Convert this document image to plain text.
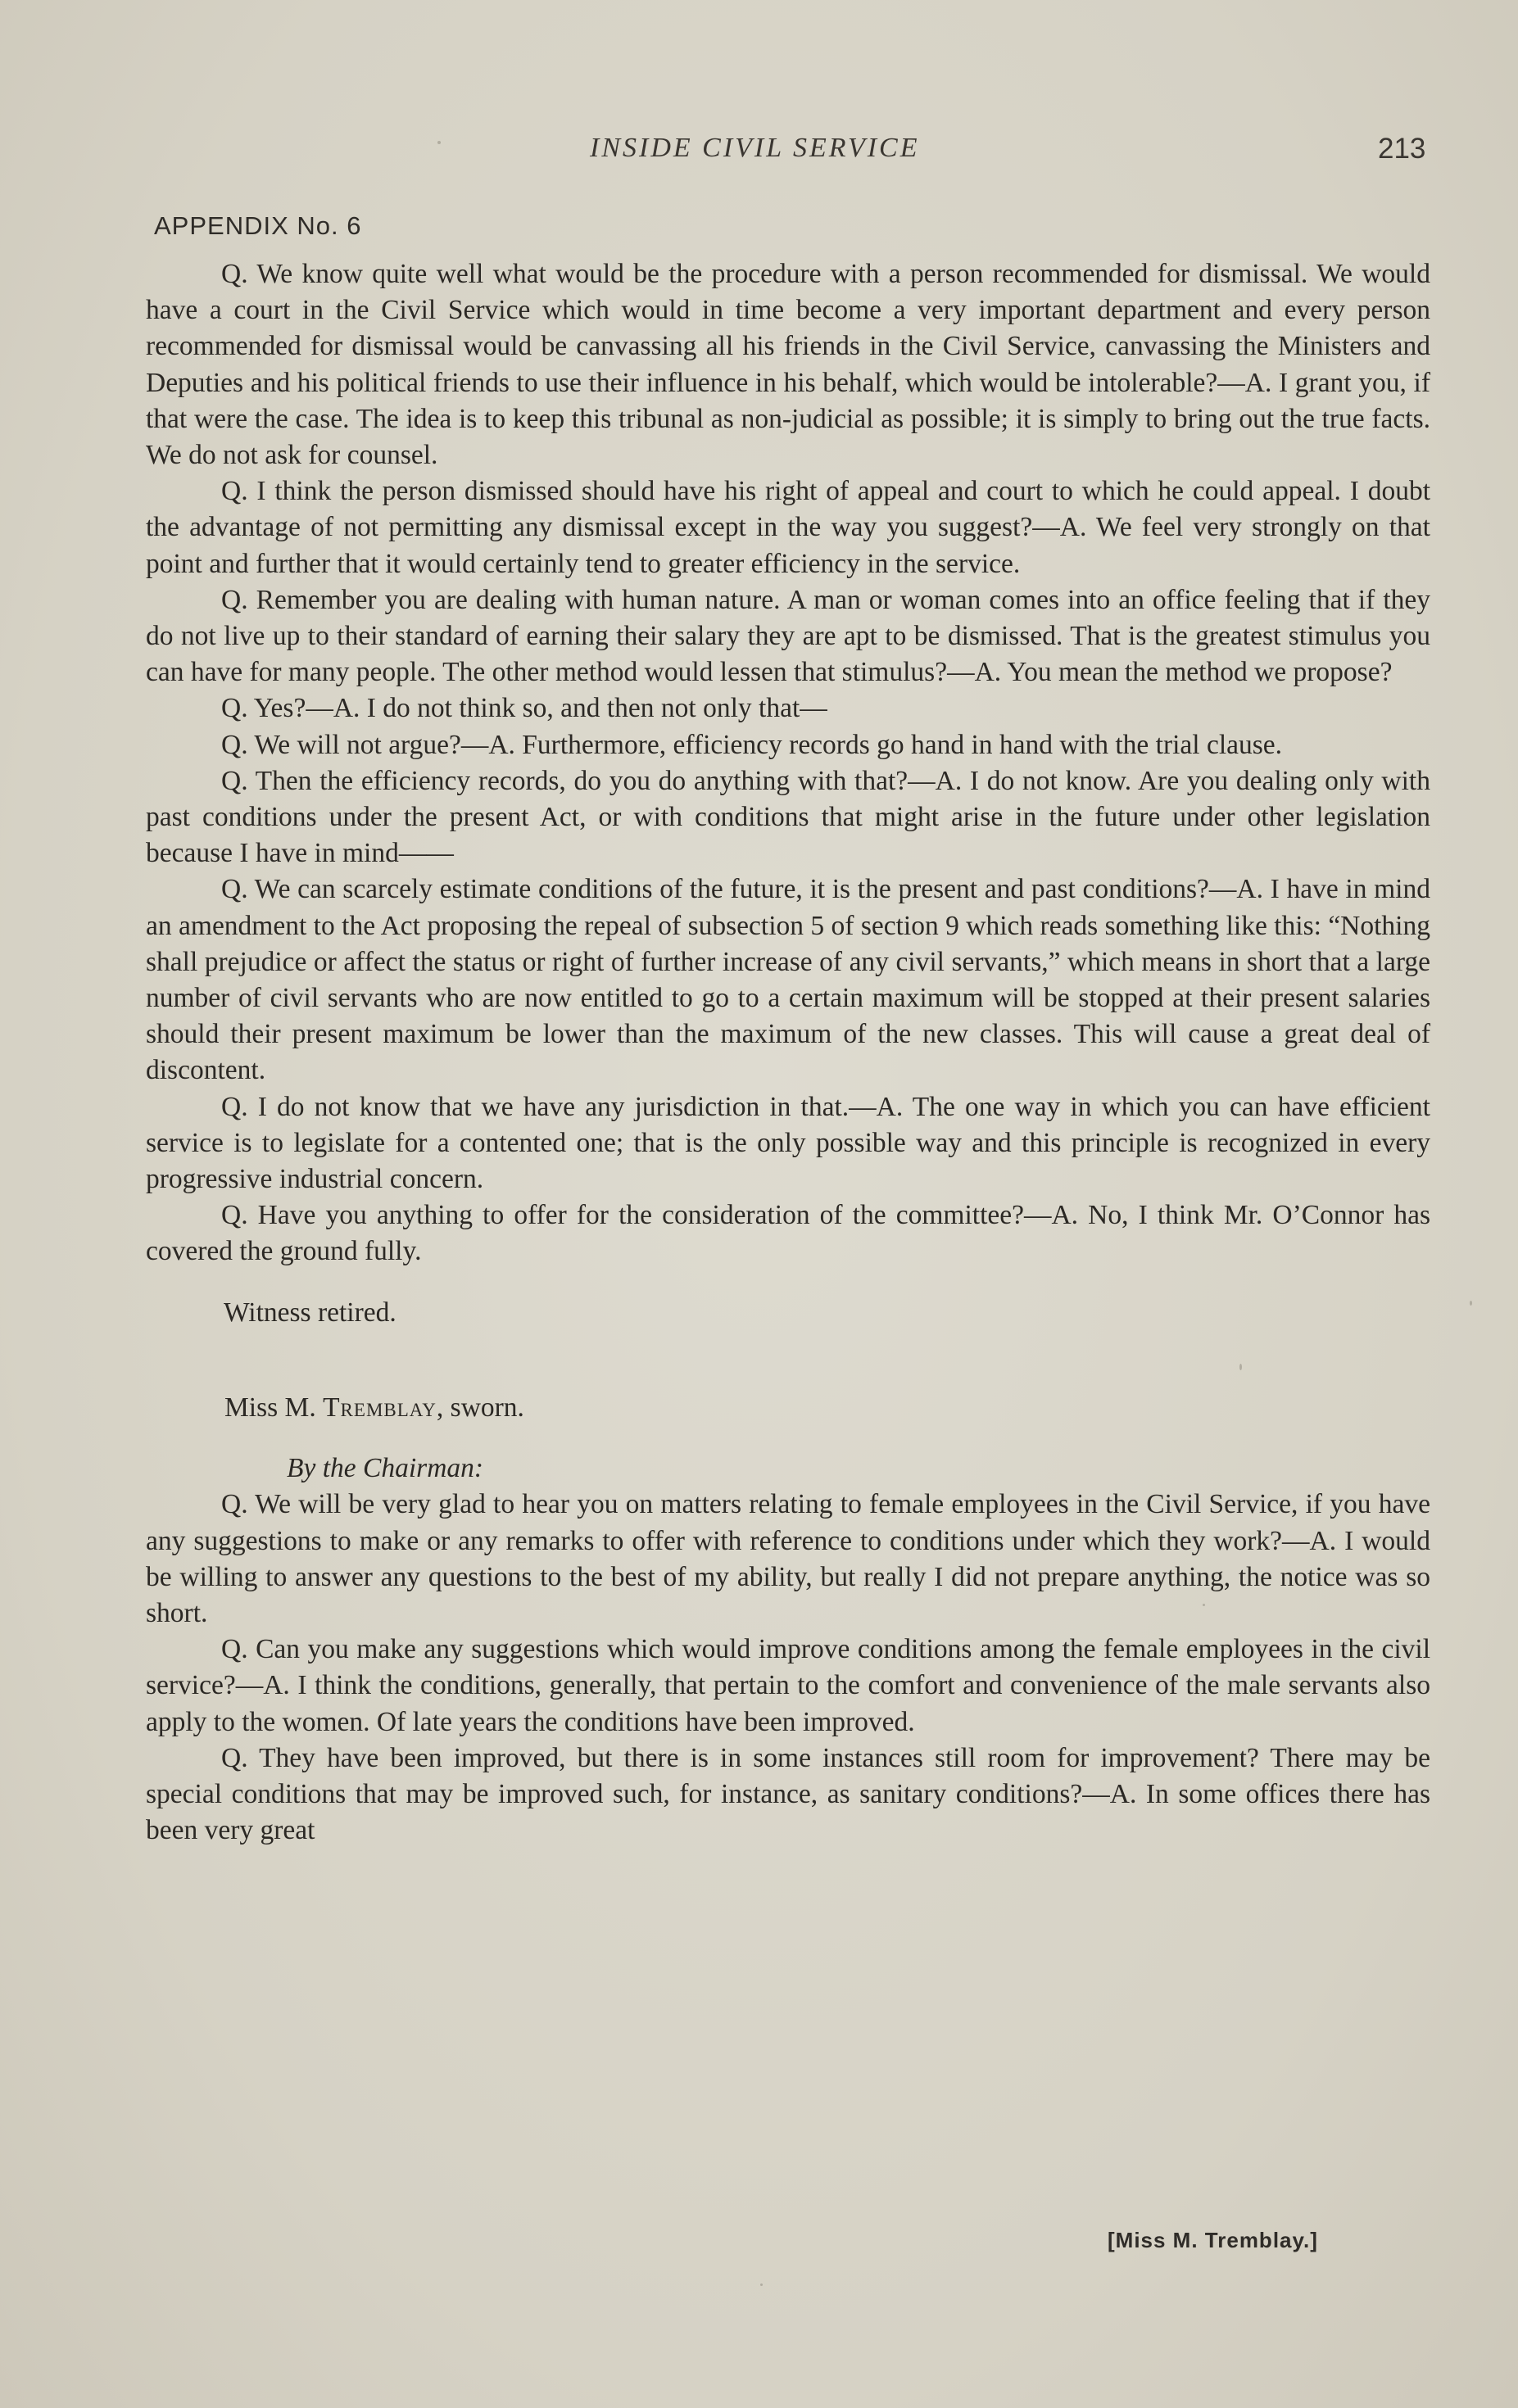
INSIDE CIVIL SERVICE	213
APPENDIX No. 6

Q. We know quite well what would be the procedure with a person recommended for dismissal. We would have a court in the Civil Service which would in time become a very important department and every person recommended for dismissal would be canvassing all his friends in the Civil Service, canvassing the Ministers and Deputies and his political friends to use their influence in his behalf, which would be intolerable?—A. I grant you, if that were the case. The idea is to keep this tribunal as non-judicial as possible; it is simply to bring out the true facts. We do not ask for counsel.

Q. I think the person dismissed should have his right of appeal and court to which he could appeal. I doubt the advantage of not permitting any dismissal except in the way you suggest?—A. We feel very strongly on that point and further that it would certainly tend to greater efficiency in the service.

Q. Remember you are dealing with human nature. A man or woman comes into an office feeling that if they do not live up to their standard of earning their salary they are apt to be dismissed. That is the greatest stimulus you can have for many people. The other method would lessen that stimulus?—A. You mean the method we propose?

Q. Yes?—A. I do not think so, and then not only that—

Q. We will not argue?—A. Furthermore, efficiency records go hand in hand with the trial clause.

Q. Then the efficiency records, do you do anything with that?—A. I do not know. Are you dealing only with past conditions under the present Act, or with conditions that might arise in the future under other legislation because I have in mind——

Q. We can scarcely estimate conditions of the future, it is the present and past conditions?—A. I have in mind an amendment to the Act proposing the repeal of subsection 5 of section 9 which reads something like this: “Nothing shall prejudice or affect the status or right of further increase of any civil servants,” which means in short that a large number of civil servants who are now entitled to go to a certain maximum will be stopped at their present salaries should their present maximum be lower than the maximum of the new classes. This will cause a great deal of discontent.

Q. I do not know that we have any jurisdiction in that.—A. The one way in which you can have efficient service is to legislate for a contented one; that is the only possible way and this principle is recognized in every progressive industrial concern.

Q. Have you anything to offer for the consideration of the committee?—A. No, I think Mr. O’Connor has covered the ground fully.

Witness retired.

Miss M. Tremblay, sworn.

By the Chairman:

Q. We will be very glad to hear you on matters relating to female employees in the Civil Service, if you have any suggestions to make or any remarks to offer with reference to conditions under which they work?—A. I would be willing to answer any questions to the best of my ability, but really I did not prepare anything, the notice was so short.

Q. Can you make any suggestions which would improve conditions among the female employees in the civil service?—A. I think the conditions, generally, that pertain to the comfort and convenience of the male servants also apply to the women. Of late years the conditions have been improved.

Q. They have been improved, but there is in some instances still room for improvement? There may be special conditions that may be improved such, for instance, as sanitary conditions?—A. In some offices there has been very great

[Miss M. Tremblay.]
